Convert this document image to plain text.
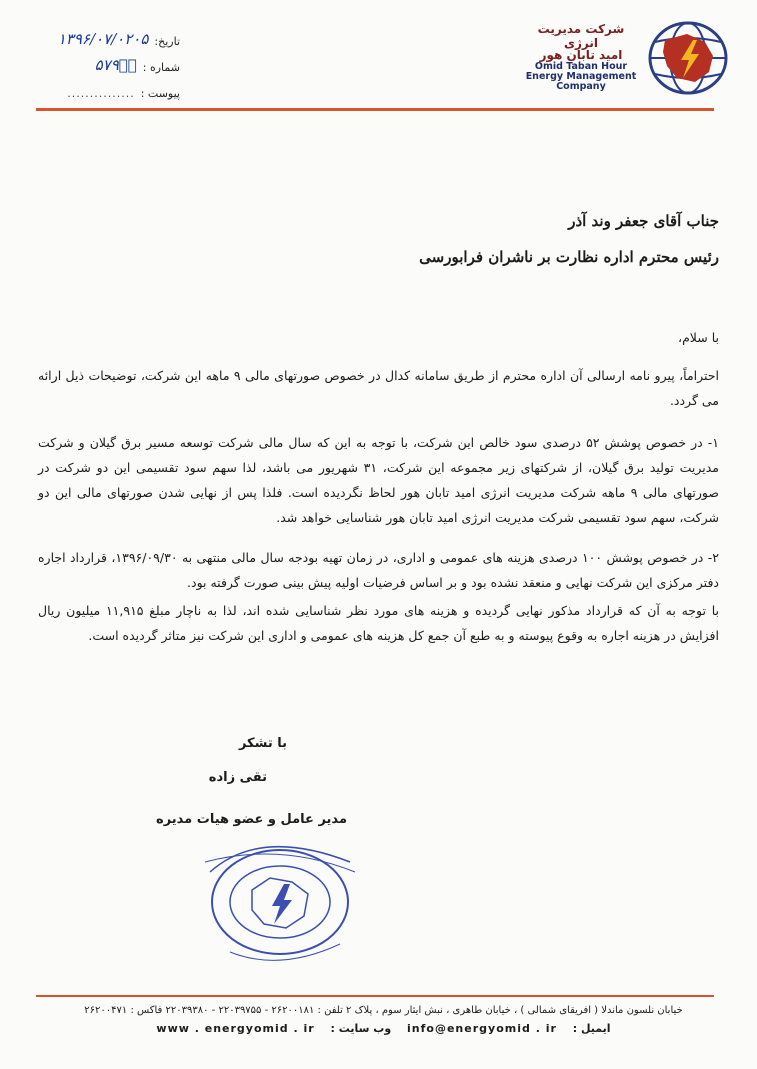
تاریخ:
۱۳۹۶/۰۷/۰۲۰۵
شماره :
۵۷۹۹ۤ
پیوست :
...............
شرکت مدیریت انرژی
امید تابان هور
Omid Taban Hour
Energy Management
Company
جناب آقای جعفر وند آذر
رئیس محترم اداره نظارت بر ناشران فرابورسی
با سلام،
احتراماً، پیرو نامه ارسالی آن اداره محترم از طریق سامانه کدال در خصوص صورتهای مالی ۹ ماهه این شرکت، توضیحات ذیل ارائه می گردد.
۱- در خصوص پوشش ۵۲ درصدی سود خالص این شرکت، با توجه به این که سال مالی شرکت توسعه مسیر برق گیلان و شرکت مدیریت تولید برق گیلان، از شرکتهای زیر مجموعه این شرکت، ۳۱ شهریور می باشد، لذا سهم سود تقسیمی این دو شرکت در صورتهای مالی ۹ ماهه شرکت مدیریت انرژی امید تابان هور لحاظ نگردیده است. فلذا پس از نهایی شدن صورتهای مالی این دو شرکت، سهم سود تقسیمی شرکت مدیریت انرژی امید تابان هور شناسایی خواهد شد.
۲- در خصوص پوشش ۱۰۰ درصدی هزینه های عمومی و اداری، در زمان تهیه بودجه سال مالی منتهی به ۱۳۹۶/۰۹/۳۰، قرارداد اجاره دفتر مرکزی این شرکت نهایی و منعقد نشده بود و بر اساس فرضیات اولیه پیش بینی صورت گرفته بود.
با توجه به آن که قرارداد مذکور نهایی گردیده و هزینه های مورد نظر شناسایی شده اند، لذا به ناچار مبلغ ۱۱,۹۱۵ میلیون ریال افزایش در هزینه اجاره به وقوع پیوسته و به طبع آن جمع کل هزینه های عمومی و اداری این شرکت نیز متاثر گردیده است.
با تشکر
تقی زاده
مدیر عامل و عضو هیات مدیره
خیابان نلسون ماندلا ( افریقای شمالی ) ، خیابان طاهری ، نبش ایثار سوم ، پلاک ۲ تلفن : ۲۶۲۰۰۱۸۱ - ۲۲۰۳۹۷۵۵ - ۲۲۰۳۹۳۸۰ فاکس : ۲۶۲۰۰۴۷۱
ایمیل : info@energyomid . ir وب سایت : www . energyomid . ir
